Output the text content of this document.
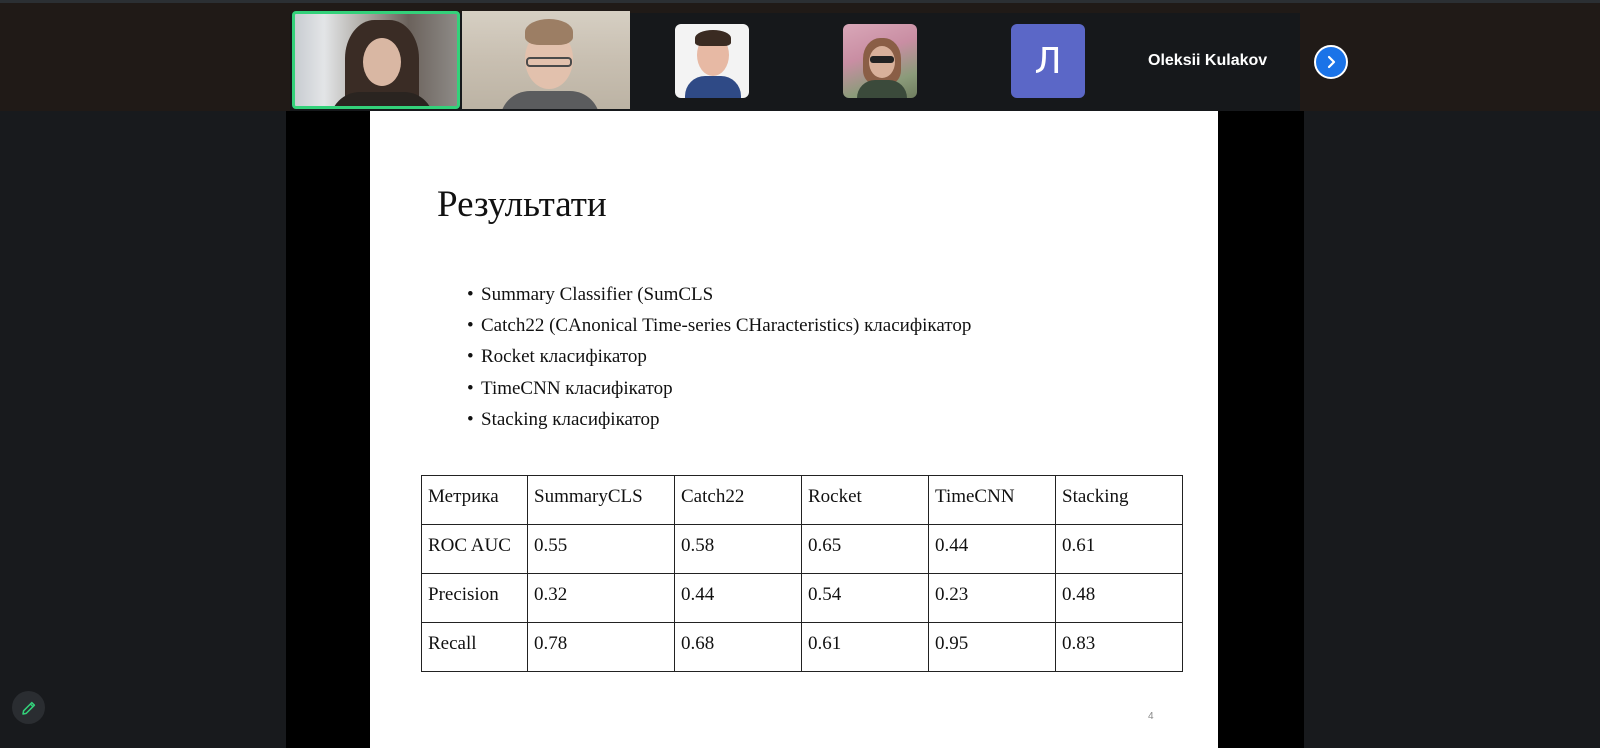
Л	Oleksii Kulakov
Результати
• Summary Classifier (SumCLS
• Catch22 (CAnonical Time-series CHaracteristics) класифікатор
• Rocket класифікатор
• TimeCNN класифікатор
• Stacking класифікатор
Метрика	SummaryCLS	Catch22	Rocket	TimeCNN	Stacking
ROC AUC	0.55	0.58	0.65	0.44	0.61
Precision	0.32	0.44	0.54	0.23	0.48
Recall	0.78	0.68	0.61	0.95	0.83
4
